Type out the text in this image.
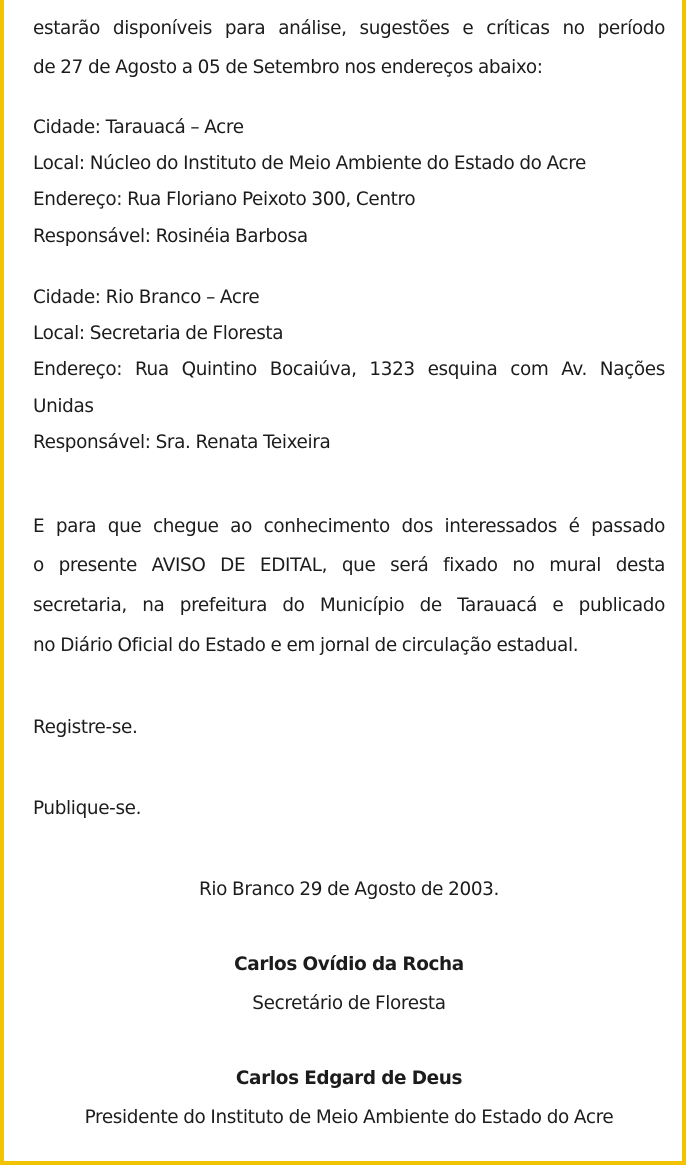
estarão disponíveis para análise, sugestões e críticas no período
de 27 de Agosto a 05 de Setembro nos endereços abaixo:
Cidade: Tarauacá – Acre
Local: Núcleo do Instituto de Meio Ambiente do Estado do Acre
Endereço: Rua Floriano Peixoto 300, Centro
Responsável: Rosinéia Barbosa
Cidade: Rio Branco – Acre
Local: Secretaria de Floresta
Endereço: Rua Quintino Bocaiúva, 1323 esquina com Av. Nações
Unidas
Responsável: Sra. Renata Teixeira
E para que chegue ao conhecimento dos interessados é passado
o presente AVISO DE EDITAL, que será fixado no mural desta
secretaria, na prefeitura do Município de Tarauacá e publicado
no Diário Oficial do Estado e em jornal de circulação estadual.
Registre-se.
Publique-se.
Rio Branco 29 de Agosto de 2003.
Carlos Ovídio da Rocha
Secretário de Floresta
Carlos Edgard de Deus
Presidente do Instituto de Meio Ambiente do Estado do Acre
